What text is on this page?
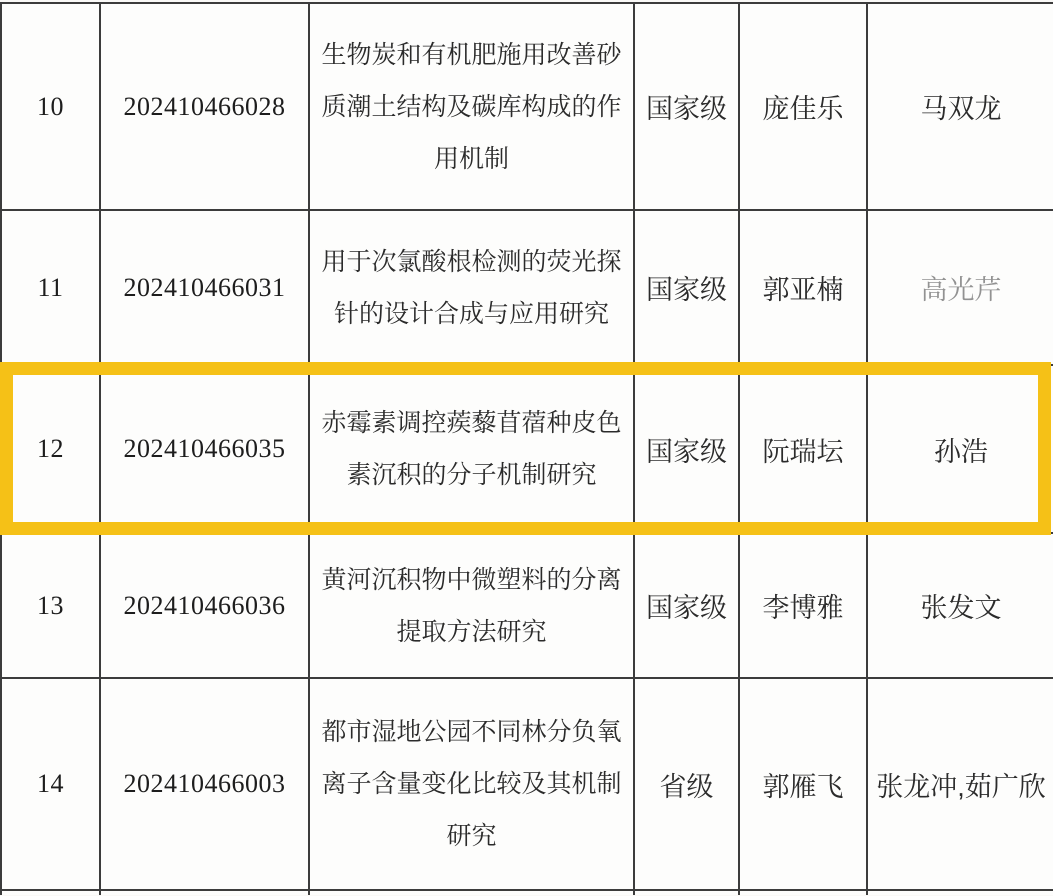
10	202410466028	生物炭和有机肥施用改善砂质潮土结构及碳库构成的作用机制	国家级	庞佳乐	马双龙
11	202410466031	用于次氯酸根检测的荧光探针的设计合成与应用研究	国家级	郭亚楠	高光芹
12	202410466035	赤霉素调控蒺藜苜蓿种皮色素沉积的分子机制研究	国家级	阮瑞坛	孙浩
13	202410466036	黄河沉积物中微塑料的分离提取方法研究	国家级	李博雅	张发文
14	202410466003	都市湿地公园不同林分负氧离子含量变化比较及其机制研究	省级	郭雁飞	张龙冲,茹广欣
